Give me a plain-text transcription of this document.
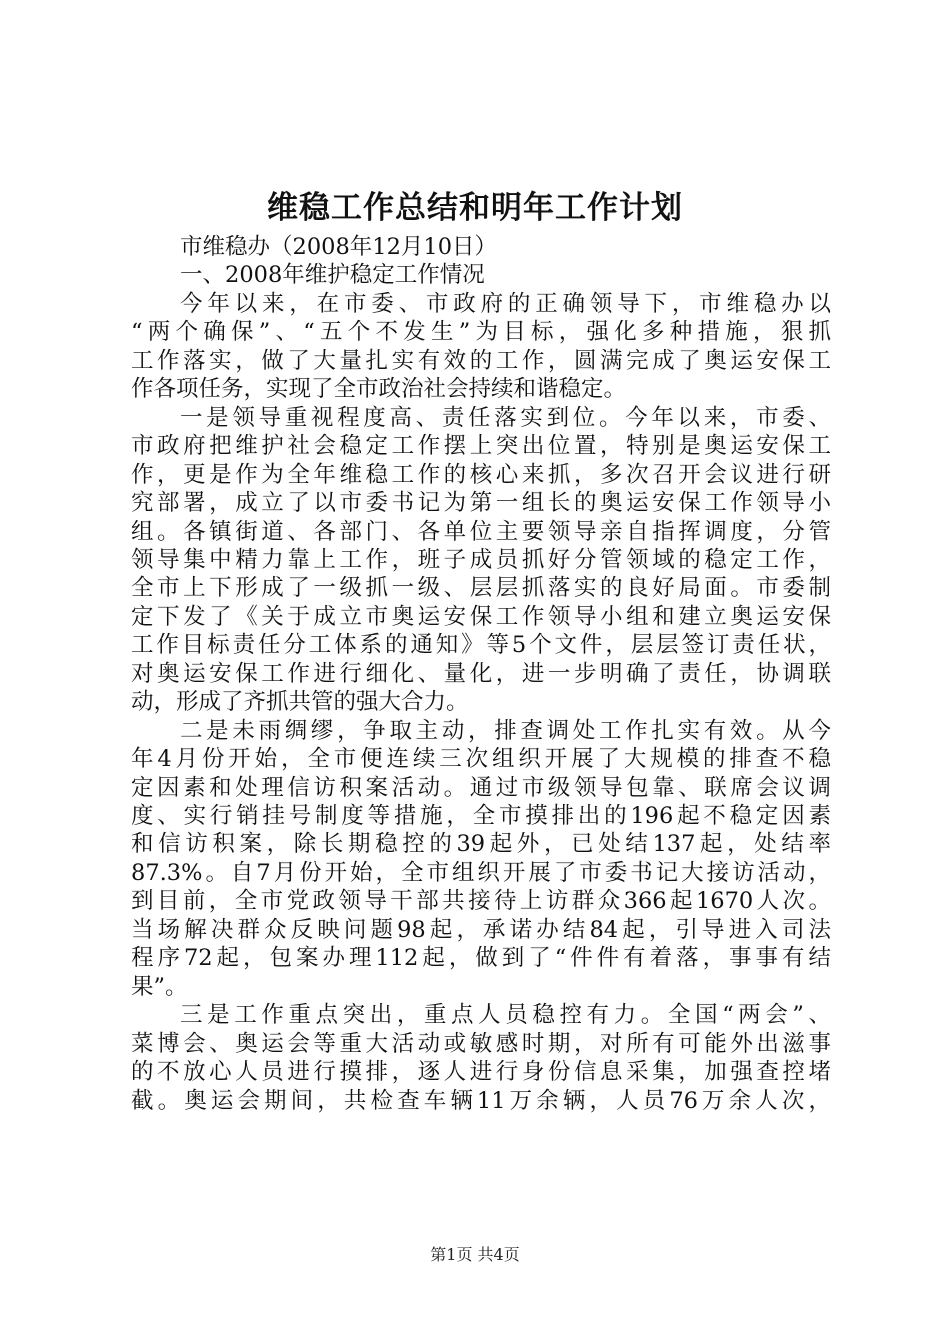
维稳工作总结和明年工作计划
市维稳办（2008年12月10日）
一、2008年维护稳定工作情况
今年以来，在市委、市政府的正确领导下，市维稳办以
“两个确保”、“五个不发生”为目标，强化多种措施，狠抓
工作落实，做了大量扎实有效的工作，圆满完成了奥运安保工
作各项任务，实现了全市政治社会持续和谐稳定。
一是领导重视程度高、责任落实到位。今年以来，市委、
市政府把维护社会稳定工作摆上突出位置，特别是奥运安保工
作，更是作为全年维稳工作的核心来抓，多次召开会议进行研
究部署，成立了以市委书记为第一组长的奥运安保工作领导小
组。各镇街道、各部门、各单位主要领导亲自指挥调度，分管
领导集中精力靠上工作，班子成员抓好分管领域的稳定工作，
全市上下形成了一级抓一级、层层抓落实的良好局面。市委制
定下发了《关于成立市奥运安保工作领导小组和建立奥运安保
工作目标责任分工体系的通知》等5个文件，层层签订责任状，
对奥运安保工作进行细化、量化，进一步明确了责任，协调联
动，形成了齐抓共管的强大合力。
二是未雨绸缪，争取主动，排查调处工作扎实有效。从今
年4月份开始，全市便连续三次组织开展了大规模的排查不稳
定因素和处理信访积案活动。通过市级领导包靠、联席会议调
度、实行销挂号制度等措施，全市摸排出的196起不稳定因素
和信访积案，除长期稳控的39起外，已处结137起，处结率
87.3%。自7月份开始，全市组织开展了市委书记大接访活动，
到目前，全市党政领导干部共接待上访群众366起1670人次。
当场解决群众反映问题98起，承诺办结84起，引导进入司法
程序72起，包案办理112起，做到了“件件有着落，事事有结
果”。
三是工作重点突出，重点人员稳控有力。全国“两会”、
菜博会、奥运会等重大活动或敏感时期，对所有可能外出滋事
的不放心人员进行摸排，逐人进行身份信息采集，加强查控堵
截。奥运会期间，共检查车辆11万余辆，人员76万余人次，
第1页 共4页
